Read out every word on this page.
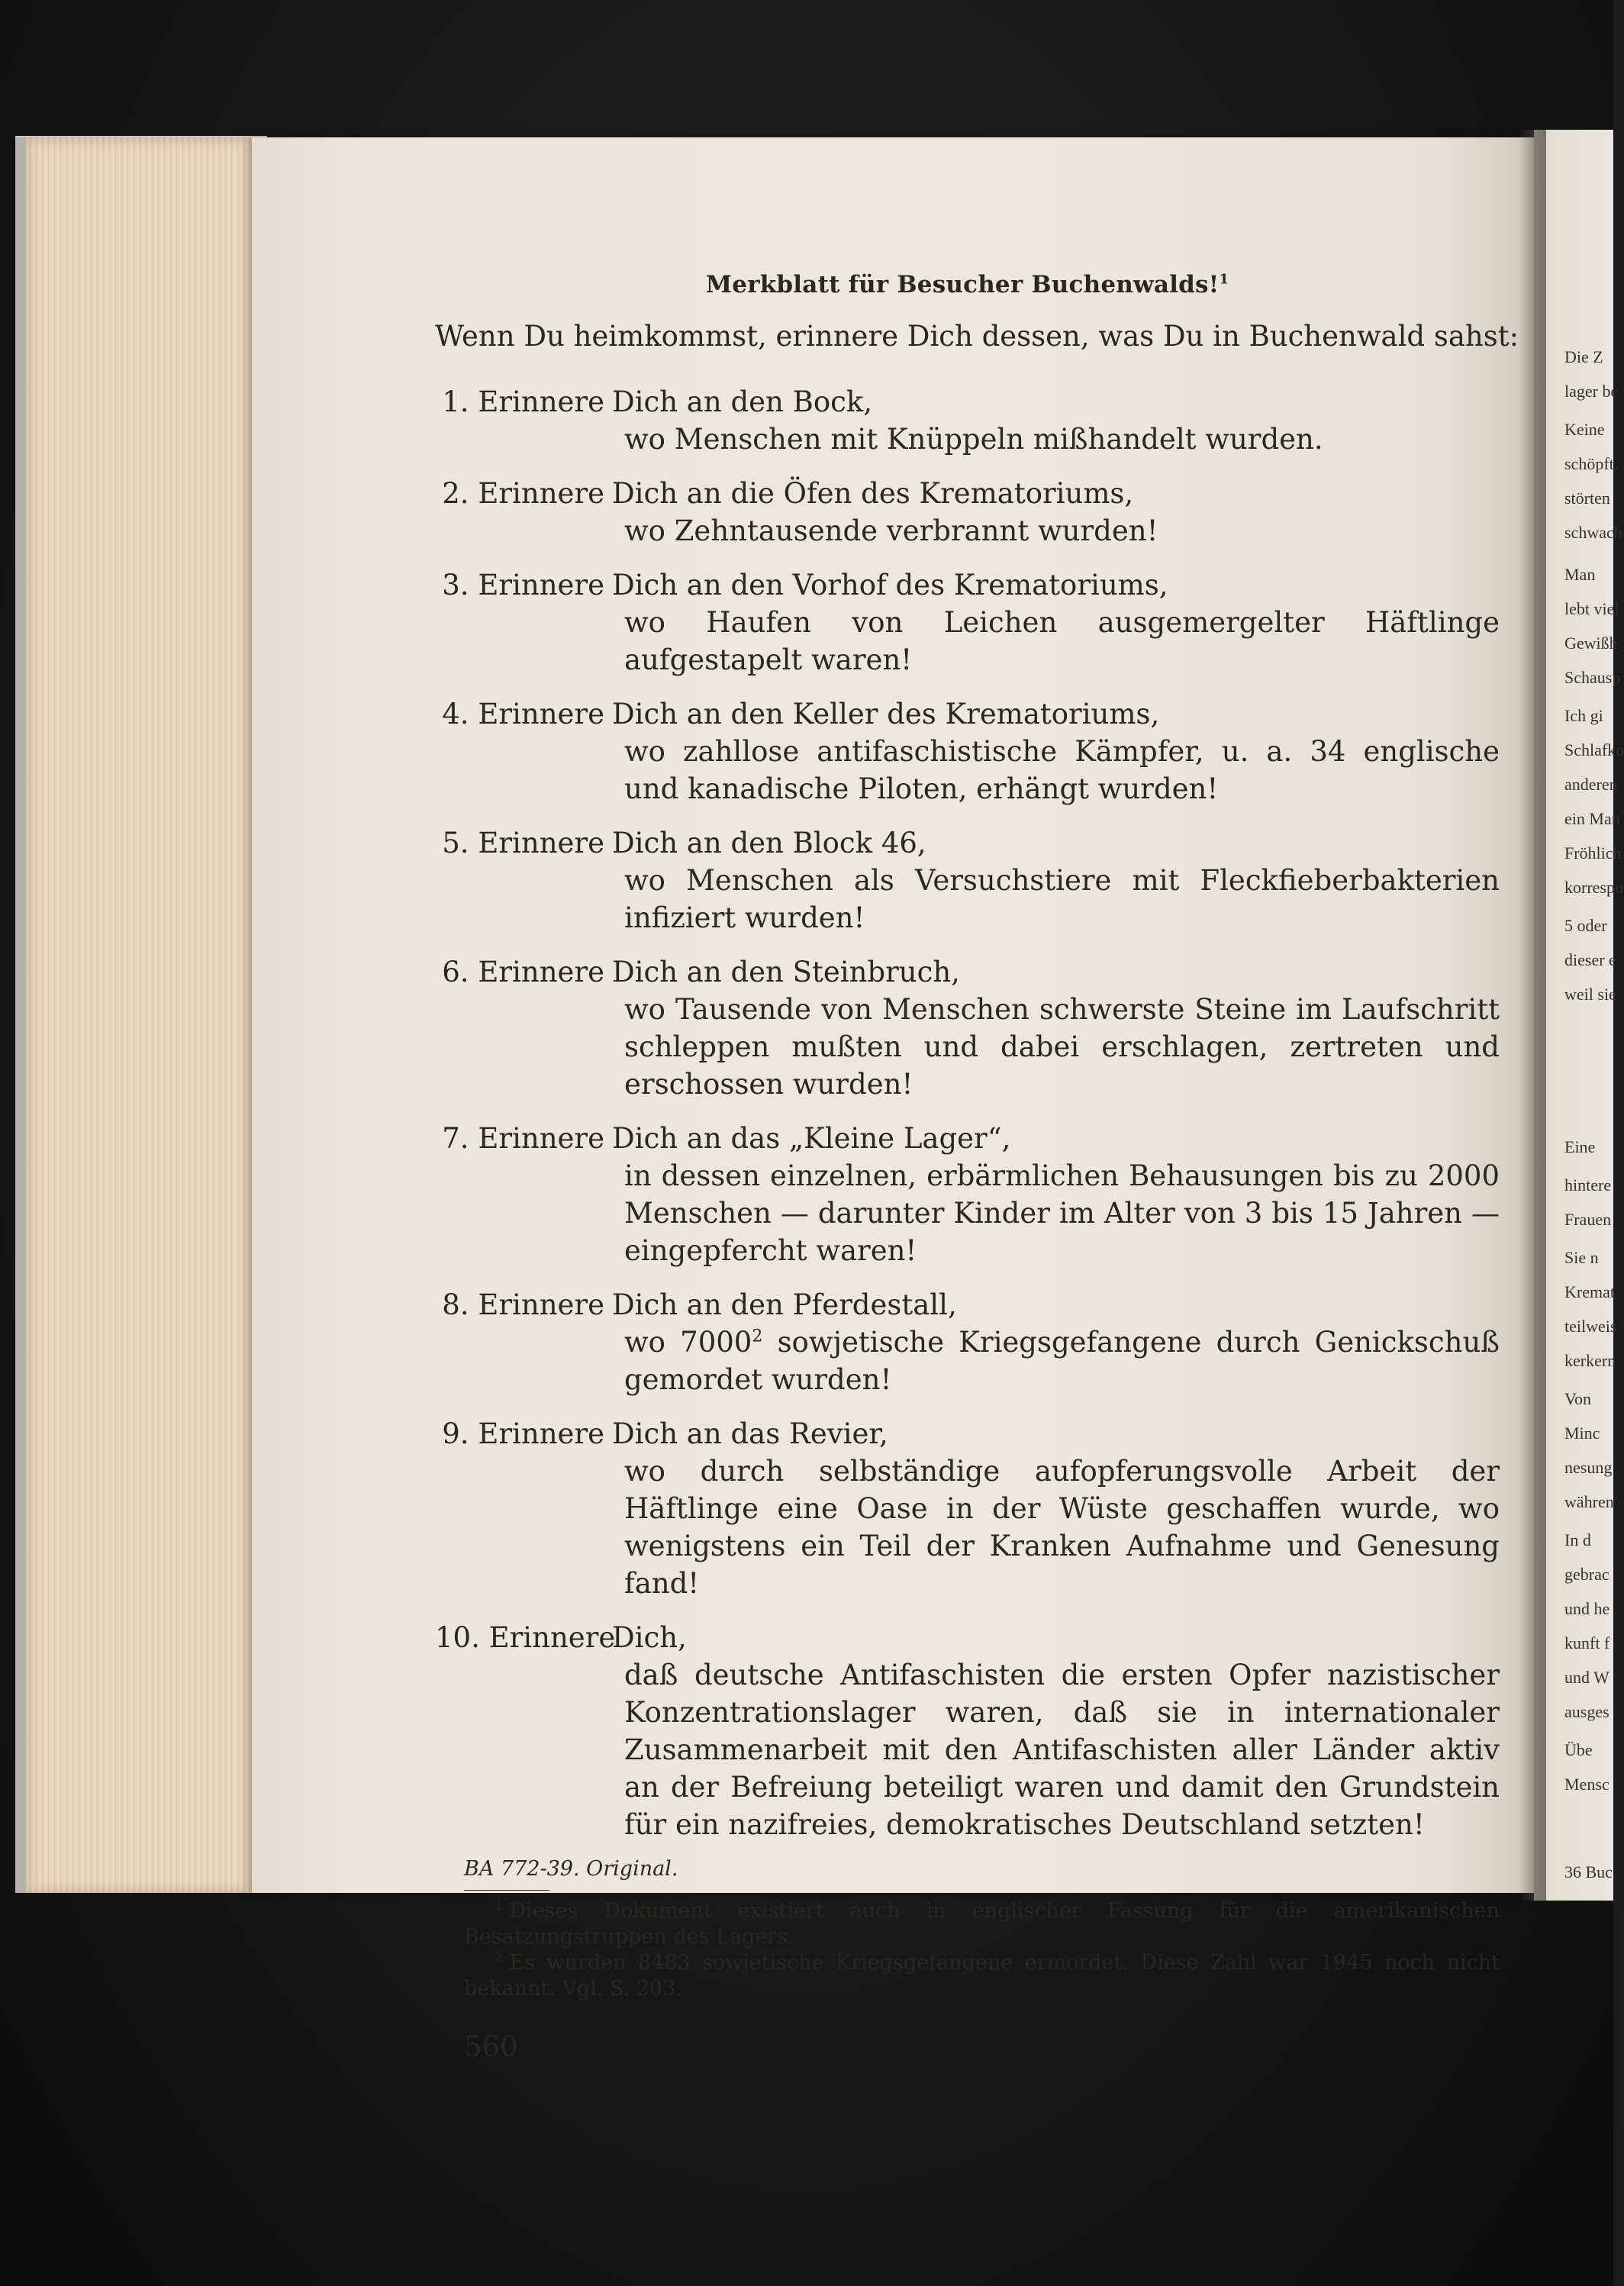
Die Z
lager be
Keine
schöpft,
störten
schwach
Man
lebt viel
Gewißh
Schausp
Ich gi
Schlafko
anderen
ein Man
Fröhlich
korrespo
5 oder
dieser e
weil sie
Eine
hintere
Frauen
Sie n
Kremat
teilweis
kerkern
Von
Minc
nesung
währen
In d
gebrac
und he
kunft f
und W
ausges
Übe
Mensc
36 Buc
Merkblatt für Besucher Buchenwalds!$^1$
Wenn Du heimkommst, erinnere Dich dessen, was Du in Buchenwald sahst:
1. Erinnere Dich an den Bock,
wo Menschen mit Knüppeln mißhandelt wurden.
2. Erinnere Dich an die Öfen des Krematoriums,
wo Zehntausende verbrannt wurden!
3. Erinnere Dich an den Vorhof des Krematoriums,
wo Haufen von Leichen ausgemergelter Häftlinge aufgestapelt waren!
4. Erinnere Dich an den Keller des Krematoriums,
wo zahllose antifaschistische Kämpfer, u. a. 34 englische und kanadische Piloten, erhängt wurden!
5. Erinnere Dich an den Block 46,
wo Menschen als Versuchstiere mit Fleckfieberbakterien infiziert wurden!
6. Erinnere Dich an den Steinbruch,
wo Tausende von Menschen schwerste Steine im Laufschritt schleppen mußten und dabei erschlagen, zertreten und erschossen wurden!
7. Erinnere Dich an das „Kleine Lager“,
in dessen einzelnen, erbärmlichen Behausungen bis zu 2000 Menschen — darunter Kinder im Alter von 3 bis 15 Jahren — eingepfercht waren!
8. Erinnere Dich an den Pferdestall,
wo 7000$^2$ sowjetische Kriegsgefangene durch Genickschuß gemordet wurden!
9. Erinnere Dich an das Revier,
wo durch selbständige aufopferungsvolle Arbeit der Häftlinge eine Oase in der Wüste geschaffen wurde, wo wenigstens ein Teil der Kranken Aufnahme und Genesung fand!
10. Erinnere
Dich,
daß deutsche Antifaschisten die ersten Opfer nazistischer Konzentrationslager waren, daß sie in internationaler Zusammenarbeit mit den Antifaschisten aller Länder aktiv an der Befreiung beteiligt waren und damit den Grundstein für ein nazifreies, demokratisches Deutschland setzten!
BA 772-39. Original.
$^1$ Dieses Dokument existiert auch in englischer Fassung für die amerikanischen Besatzungstruppen des Lagers.
$^2$ Es wurden 8483 sowjetische Kriegsgefangene ermordet. Diese Zahl war 1945 noch nicht bekannt. Vgl. S. 203.
560
